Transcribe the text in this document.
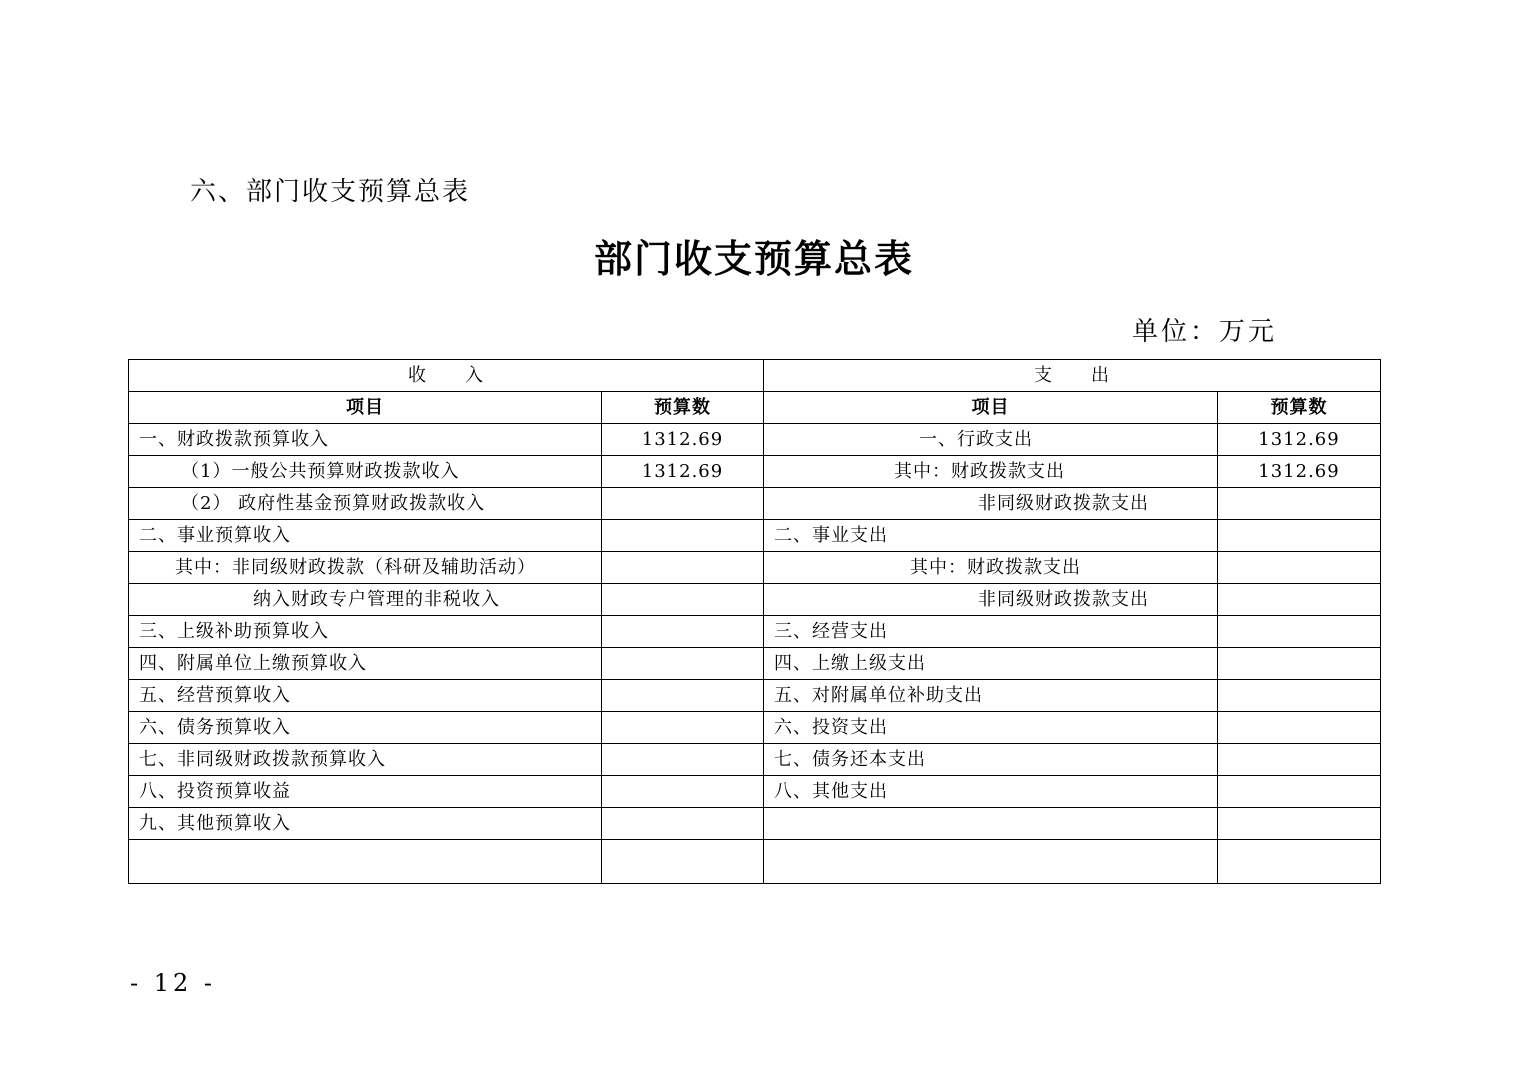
六、部门收支预算总表
部门收支预算总表
单位：万元
收　　入		支　　出	
项目	预算数	项目	预算数
一、财政拨款预算收入	1312.69	一、行政支出	1312.69
（1）一般公共预算财政拨款收入	1312.69	其中：财政拨款支出	1312.69
（2） 政府性基金预算财政拨款收入		非同级财政拨款支出	
二、事业预算收入		二、事业支出	
其中：非同级财政拨款（科研及辅助活动）		其中：财政拨款支出	
纳入财政专户管理的非税收入		非同级财政拨款支出	
三、上级补助预算收入		三、经营支出	
四、附属单位上缴预算收入		四、上缴上级支出	
五、经营预算收入		五、对附属单位补助支出	
六、债务预算收入		六、投资支出	
七、非同级财政拨款预算收入		七、债务还本支出	
八、投资预算收益		八、其他支出	
九、其他预算收入			

- 12 -
